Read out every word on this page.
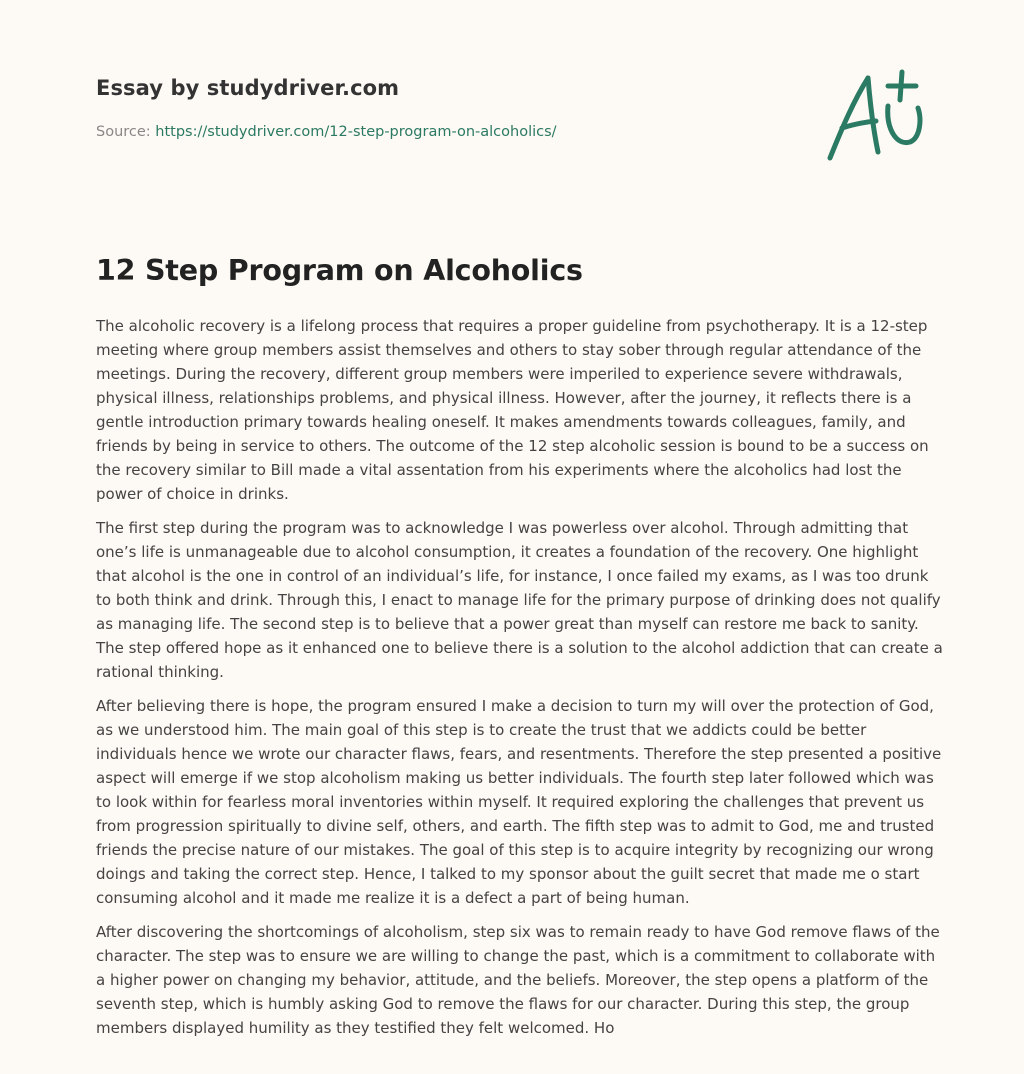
Essay by studydriver.com

Source: https://studydriver.com/12-step-program-on-alcoholics/

12 Step Program on Alcoholics

The alcoholic recovery is a lifelong process that requires a proper guideline from psychotherapy. It is a 12-step meeting where group members assist themselves and others to stay sober through regular attendance of the meetings. During the recovery, different group members were imperiled to experience severe withdrawals, physical illness, relationships problems, and physical illness. However, after the journey, it reflects there is a gentle introduction primary towards healing oneself. It makes amendments towards colleagues, family, and friends by being in service to others. The outcome of the 12 step alcoholic session is bound to be a success on the recovery similar to Bill made a vital assentation from his experiments where the alcoholics had lost the power of choice in drinks.

The first step during the program was to acknowledge I was powerless over alcohol. Through admitting that one’s life is unmanageable due to alcohol consumption, it creates a foundation of the recovery. One highlight that alcohol is the one in control of an individual’s life, for instance, I once failed my exams, as I was too drunk to both think and drink. Through this, I enact to manage life for the primary purpose of drinking does not qualify as managing life. The second step is to believe that a power great than myself can restore me back to sanity. The step offered hope as it enhanced one to believe there is a solution to the alcohol addiction that can create a rational thinking.

After believing there is hope, the program ensured I make a decision to turn my will over the protection of God, as we understood him. The main goal of this step is to create the trust that we addicts could be better individuals hence we wrote our character flaws, fears, and resentments. Therefore the step presented a positive aspect will emerge if we stop alcoholism making us better individuals. The fourth step later followed which was to look within for fearless moral inventories within myself. It required exploring the challenges that prevent us from progression spiritually to divine self, others, and earth. The fifth step was to admit to God, me and trusted friends the precise nature of our mistakes. The goal of this step is to acquire integrity by recognizing our wrong doings and taking the correct step. Hence, I talked to my sponsor about the guilt secret that made me o start consuming alcohol and it made me realize it is a defect a part of being human.

After discovering the shortcomings of alcoholism, step six was to remain ready to have God remove flaws of the character. The step was to ensure we are willing to change the past, which is a commitment to collaborate with a higher power on changing my behavior, attitude, and the beliefs. Moreover, the step opens a platform of the seventh step, which is humbly asking God to remove the flaws for our character. During this step, the group members displayed humility as they testified they felt welcomed. Ho
